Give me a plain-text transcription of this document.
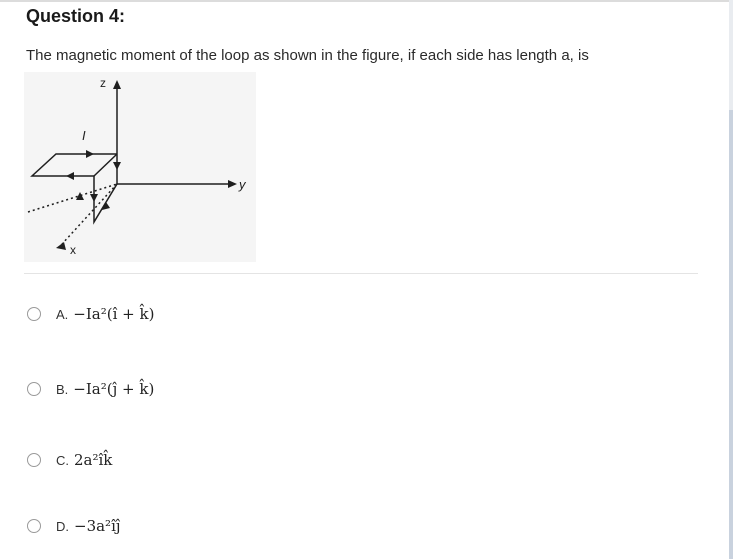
Question 4:
The magnetic moment of the loop as shown in the figure, if each side has length a, is
z
y
x
I
A. −Ia²(î + k̂)
B. −Ia²(ĵ + k̂)
C. 2a²îk̂
D. −3a²îĵ
